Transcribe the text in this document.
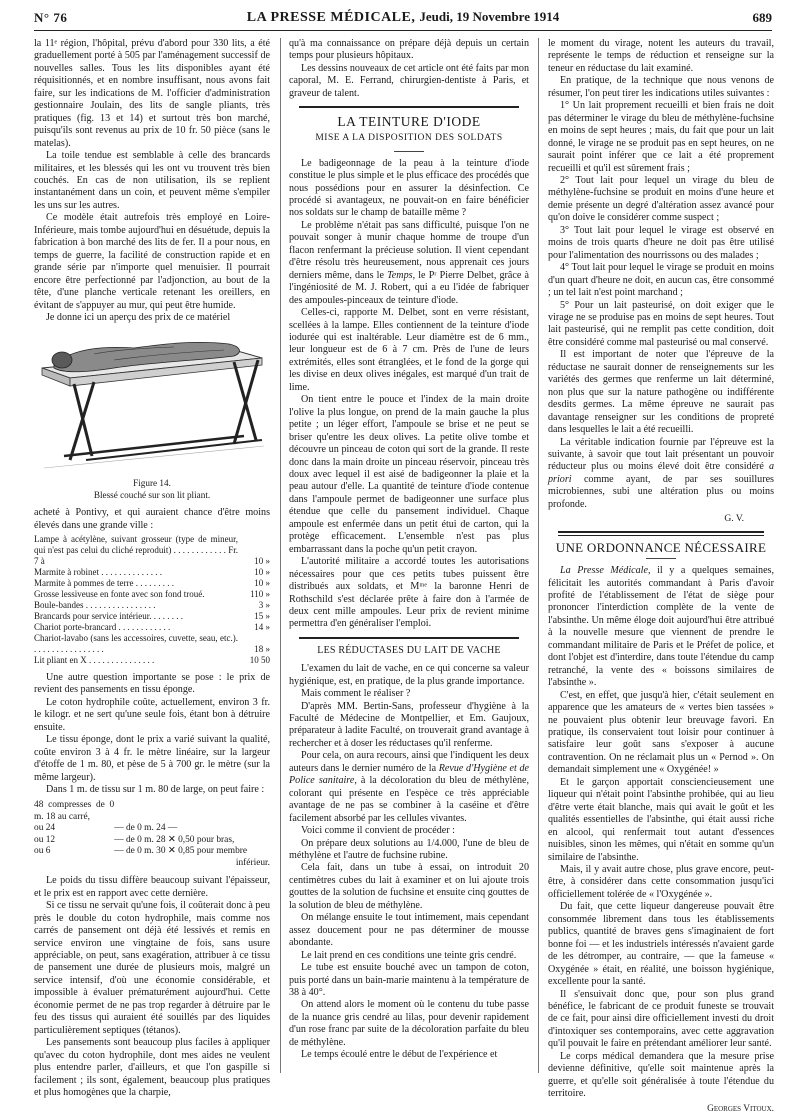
N° 76	LA PRESSE MÉDICALE, Jeudi, 19 Novembre 1914	689

la 11ᵉ région, l'hôpital, prévu d'abord pour 330 lits, a été graduellement porté à 505 par l'aménagement successif de nouvelles salles. Tous les lits disponibles ayant été réquisitionnés, et en nombre insuffisant, nous avons fait faire, sur les indications de M. l'officier d'administration gestionnaire Joulain, des lits de sangle pliants, très pratiques (fig. 13 et 14) et surtout très bon marché, puisqu'ils sont revenus au prix de 10 fr. 50 pièce (sans le matelas).

La toile tendue est semblable à celle des brancards militaires, et les blessés qui les ont vu trouvent très bien couchés. En cas de non utilisation, ils se replient instantanément dans un coin, et peuvent même s'empiler les uns sur les autres.

Ce modèle était autrefois très employé en Loire-Inférieure, mais tombe aujourd'hui en désuétude, depuis la fabrication à bon marché des lits de fer. Il a pour nous, en temps de guerre, la facilité de construction rapide et en grande série par n'importe quel menuisier. Il pourrait encore être perfectionné par l'adjonction, au bout de la tête, d'une planche verticale retenant les oreillers, en évitant de s'appuyer au mur, qui peut être humide.

Je donne ici un aperçu des prix de ce matériel

Figure 14.
Blessé couché sur son lit pliant.

acheté à Pontivy, et qui auraient chance d'être moins élevés dans une grande ville :

Lampe à acétylène, suivant grosseur (type de mineur, qui n'est pas celui du cliché reproduit) . . . . . . . . . . . . Fr. 7 à	10 »
Marmite à robinet . . . . . . . . . . . . . .	10 »
Marmite à pommes de terre . . . . . . . . .	10 »
Grosse lessiveuse en fonte avec son fond troué.	110 »
Boule-bandes . . . . . . . . . . . . . . . .	3 »
Brancards pour service intérieur. . . . . . . .	15 »
Chariot porte-brancard . . . . . . . . . . . .	14 »
Chariot-lavabo (sans les accessoires, cuvette, seau, etc.). . . . . . . . . . . . . . . . .	18 »
Lit pliant en X . . . . . . . . . . . . . . .	10 50

Une autre question importante se pose : le prix de revient des pansements en tissu éponge.

Le coton hydrophile coûte, actuellement, environ 3 fr. le kilogr. et ne sert qu'une seule fois, étant bon à détruire ensuite.

Le tissu éponge, dont le prix a varié suivant la qualité, coûte environ 3 à 4 fr. le mètre linéaire, sur la largeur d'étoffe de 1 m. 80, et pèse de 5 à 700 gr. le mètre (sur la même largeur).

Dans 1 m. de tissu sur 1 m. 80 de large, on peut faire :

48 compresses de 0 m. 18 au carré,	
ou 24	— de 0 m. 24 —
ou 12	— de 0 m. 28 ✕ 0,50 pour bras,
ou 6	— de 0 m. 30 ✕ 0,85 pour membre
	inférieur.

Le poids du tissu diffère beaucoup suivant l'épaisseur, et le prix est en rapport avec cette dernière.

Si ce tissu ne servait qu'une fois, il coûterait donc à peu près le double du coton hydrophile, mais comme nos carrés de pansement ont déjà été lessivés et remis en service environ une vingtaine de fois, sans usure appréciable, on peut, sans exagération, attribuer à ce tissu de pansement une durée de plusieurs mois, malgré un service intensif, d'où une économie considérable, et impossible à évaluer prématurément aujourd'hui. Cette économie permet de ne pas trop regarder à détruire par le feu des tissus qui auraient été souillés par des liquides particulièrement septiques (tétanos).

Les pansements sont beaucoup plus faciles à appliquer qu'avec du coton hydrophile, dont mes aides ne veulent plus entendre parler, d'ailleurs, et que l'on gaspille si facilement ; ils sont, également, beaucoup plus pratiques et plus homogènes que la charpie,

qu'à ma connaissance on prépare déjà depuis un certain temps pour plusieurs hôpitaux.

Les dessins nouveaux de cet article ont été faits par mon caporal, M. E. Ferrand, chirurgien-dentiste à Paris, et graveur de talent.

LA TEINTURE D'IODE
MISE A LA DISPOSITION DES SOLDATS

Le badigeonnage de la peau à la teinture d'iode constitue le plus simple et le plus efficace des procédés que nous possédions pour en assurer la désinfection. Ce procédé si avantageux, ne pouvait-on en faire bénéficier nos soldats sur le champ de bataille même ?

Le problème n'était pas sans difficulté, puisque l'on ne pouvait songer à munir chaque homme de troupe d'un flacon renfermant la précieuse solution. Il vient cependant d'être résolu très heureusement, nous apprenait ces jours derniers même, dans le Temps, le Pʳ Pierre Delbet, grâce à l'ingéniosité de M. J. Robert, qui a eu l'idée de fabriquer des ampoules-pinceaux de teinture d'iode.

Celles-ci, rapporte M. Delbet, sont en verre résistant, scellées à la lampe. Elles contiennent de la teinture d'iode iodurée qui est inaltérable. Leur diamètre est de 6 mm., leur longueur est de 6 à 7 cm. Près de l'une de leurs extrémités, elles sont étranglées, et le fond de la gorge qui les divise en deux olives inégales, est marqué d'un trait de lime.

On tient entre le pouce et l'index de la main droite l'olive la plus longue, on prend de la main gauche la plus petite ; un léger effort, l'ampoule se brise et ne peut se briser qu'entre les deux olives. La petite olive tombe et découvre un pinceau de coton qui sort de la grande. Il reste donc dans la main droite un pinceau réservoir, pinceau très doux avec lequel il est aisé de badigeonner la plaie et la peau autour d'elle. La quantité de teinture d'iode contenue dans l'ampoule permet de badigeonner une surface plus étendue que celle du pansement individuel. Chaque ampoule est enfermée dans un petit étui de carton, qui la protège efficacement. L'ensemble n'est pas plus embarrassant dans la poche qu'un petit crayon.

L'autorité militaire a accordé toutes les autorisations nécessaires pour que ces petits tubes puissent être distribués aux soldats, et Mᵐᵉ la baronne Henri de Rothschild s'est déclarée prête à faire don à l'armée de deux cent mille ampoules. Leur prix de revient minime permettra d'en généraliser l'emploi.

LES RÉDUCTASES DU LAIT DE VACHE

L'examen du lait de vache, en ce qui concerne sa valeur hygiénique, est, en pratique, de la plus grande importance.

Mais comment le réaliser ?

D'après MM. Bertin-Sans, professeur d'hygiène à la Faculté de Médecine de Montpellier, et Em. Gaujoux, préparateur à ladite Faculté, on trouverait grand avantage à rechercher et à doser les réductases qu'il renferme.

Pour cela, on aura recours, ainsi que l'indiquent les deux auteurs dans le dernier numéro de la Revue d'Hygiène et de Police sanitaire, à la décoloration du bleu de méthylène, colorant qui présente en l'espèce ce très appréciable avantage de ne pas se combiner à la caséine et d'être facilement absorbé par les cellules vivantes.

Voici comme il convient de procéder :

On prépare deux solutions au 1/4.000, l'une de bleu de méthylène et l'autre de fuchsine rubine.

Cela fait, dans un tube à essai, on introduit 20 centimètres cubes du lait à examiner et on lui ajoute trois gouttes de la solution de fuchsine et ensuite cinq gouttes de la solution de bleu de méthylène.

On mélange ensuite le tout intimement, mais cependant assez doucement pour ne pas déterminer de mousse abondante.

Le lait prend en ces conditions une teinte gris cendré.

Le tube est ensuite bouché avec un tampon de coton, puis porté dans un bain-marie maintenu à la température de 38 à 40°.

On attend alors le moment où le contenu du tube passe de la nuance gris cendré au lilas, pour devenir rapidement d'un rose franc par suite de la décoloration parfaite du bleu de méthylène.

Le temps écoulé entre le début de l'expérience et

le moment du virage, notent les auteurs du travail, représente le temps de réduction et renseigne sur la teneur en réductase du lait examiné.

En pratique, de la technique que nous venons de résumer, l'on peut tirer les indications utiles suivantes :

1° Un lait proprement recueilli et bien frais ne doit pas déterminer le virage du bleu de méthylène-fuchsine en moins de sept heures ; mais, du fait que pour un lait donné, le virage ne se produit pas en sept heures, on ne saurait point inférer que ce lait a été proprement recueilli et qu'il est sûrement frais ;

2° Tout lait pour lequel un virage du bleu de méthylène-fuchsine se produit en moins d'une heure et demie présente un degré d'altération assez avancé pour qu'on doive le considérer comme suspect ;

3° Tout lait pour lequel le virage est observé en moins de trois quarts d'heure ne doit pas être utilisé pour l'alimentation des nourrissons ou des malades ;

4° Tout lait pour lequel le virage se produit en moins d'un quart d'heure ne doit, en aucun cas, être consommé ; un tel lait n'est point marchand ;

5° Pour un lait pasteurisé, on doit exiger que le virage ne se produise pas en moins de sept heures. Tout lait pasteurisé, qui ne remplit pas cette condition, doit être considéré comme mal pasteurisé ou mal conservé.

Il est important de noter que l'épreuve de la réductase ne saurait donner de renseignements sur les variétés des germes que renferme un lait déterminé, non plus que sur la nature pathogène ou indifférente desdits germes. La même épreuve ne saurait pas davantage renseigner sur les conditions de propreté dans lesquelles le lait a été recueilli.

La véritable indication fournie par l'épreuve est la suivante, à savoir que tout lait présentant un pouvoir réducteur plus ou moins élevé doit être considéré a priori comme ayant, de par ses souillures microbiennes, subi une altération plus ou moins profonde.

G. V.
UNE ORDONNANCE NÉCESSAIRE

La Presse Médicale, il y a quelques semaines, félicitait les autorités commandant à Paris d'avoir profité de l'établissement de l'état de siège pour prononcer l'interdiction complète de la vente de l'absinthe. Un même éloge doit aujourd'hui être attribué à la nouvelle mesure que viennent de prendre le commandant militaire de Paris et le Préfet de police, et dont l'objet est d'interdire, dans toute l'étendue du camp retranché, la vente des « boissons similaires de l'absinthe ».

C'est, en effet, que jusqu'à hier, c'était seulement en apparence que les amateurs de « vertes bien tassées » ne pouvaient plus obtenir leur breuvage favori. En pratique, ils conservaient tout loisir pour continuer à satisfaire leur goût sans s'exposer à aucune contravention. On ne réclamait plus un « Pernod ». On demandait simplement une « Oxygénée! »

Et le garçon apportait consciencieusement une liqueur qui n'était point l'absinthe prohibée, qui au lieu d'être verte était blanche, mais qui avait le goût et les qualités essentielles de l'absinthe, qui était aussi riche en alcool, qui renfermait tout autant d'essences nuisibles, sinon les mêmes, qui n'était en somme qu'un similaire de l'absinthe.

Mais, il y avait autre chose, plus grave encore, peut-être, à considérer dans cette consommation jusqu'ici officiellement tolérée de « l'Oxygénée ».

Du fait, que cette liqueur dangereuse pouvait être consommée librement dans tous les établissements publics, quantité de braves gens s'imaginaient de fort bonne foi — et les industriels intéressés n'avaient garde de les détromper, au contraire, — que la fameuse « Oxygénée » était, en réalité, une boisson hygiénique, excellente pour la santé.

Il s'ensuivait donc que, pour son plus grand bénéfice, le fabricant de ce produit funeste se trouvait de ce fait, pour ainsi dire officiellement investi du droit d'intoxiquer ses contemporains, avec cette aggravation qu'il pouvait le faire en prétendant améliorer leur santé.

Le corps médical demandera que la mesure prise devienne définitive, qu'elle soit maintenue après la guerre, et qu'elle soit généralisée à toute l'étendue du territoire.

Georges Vitoux.
